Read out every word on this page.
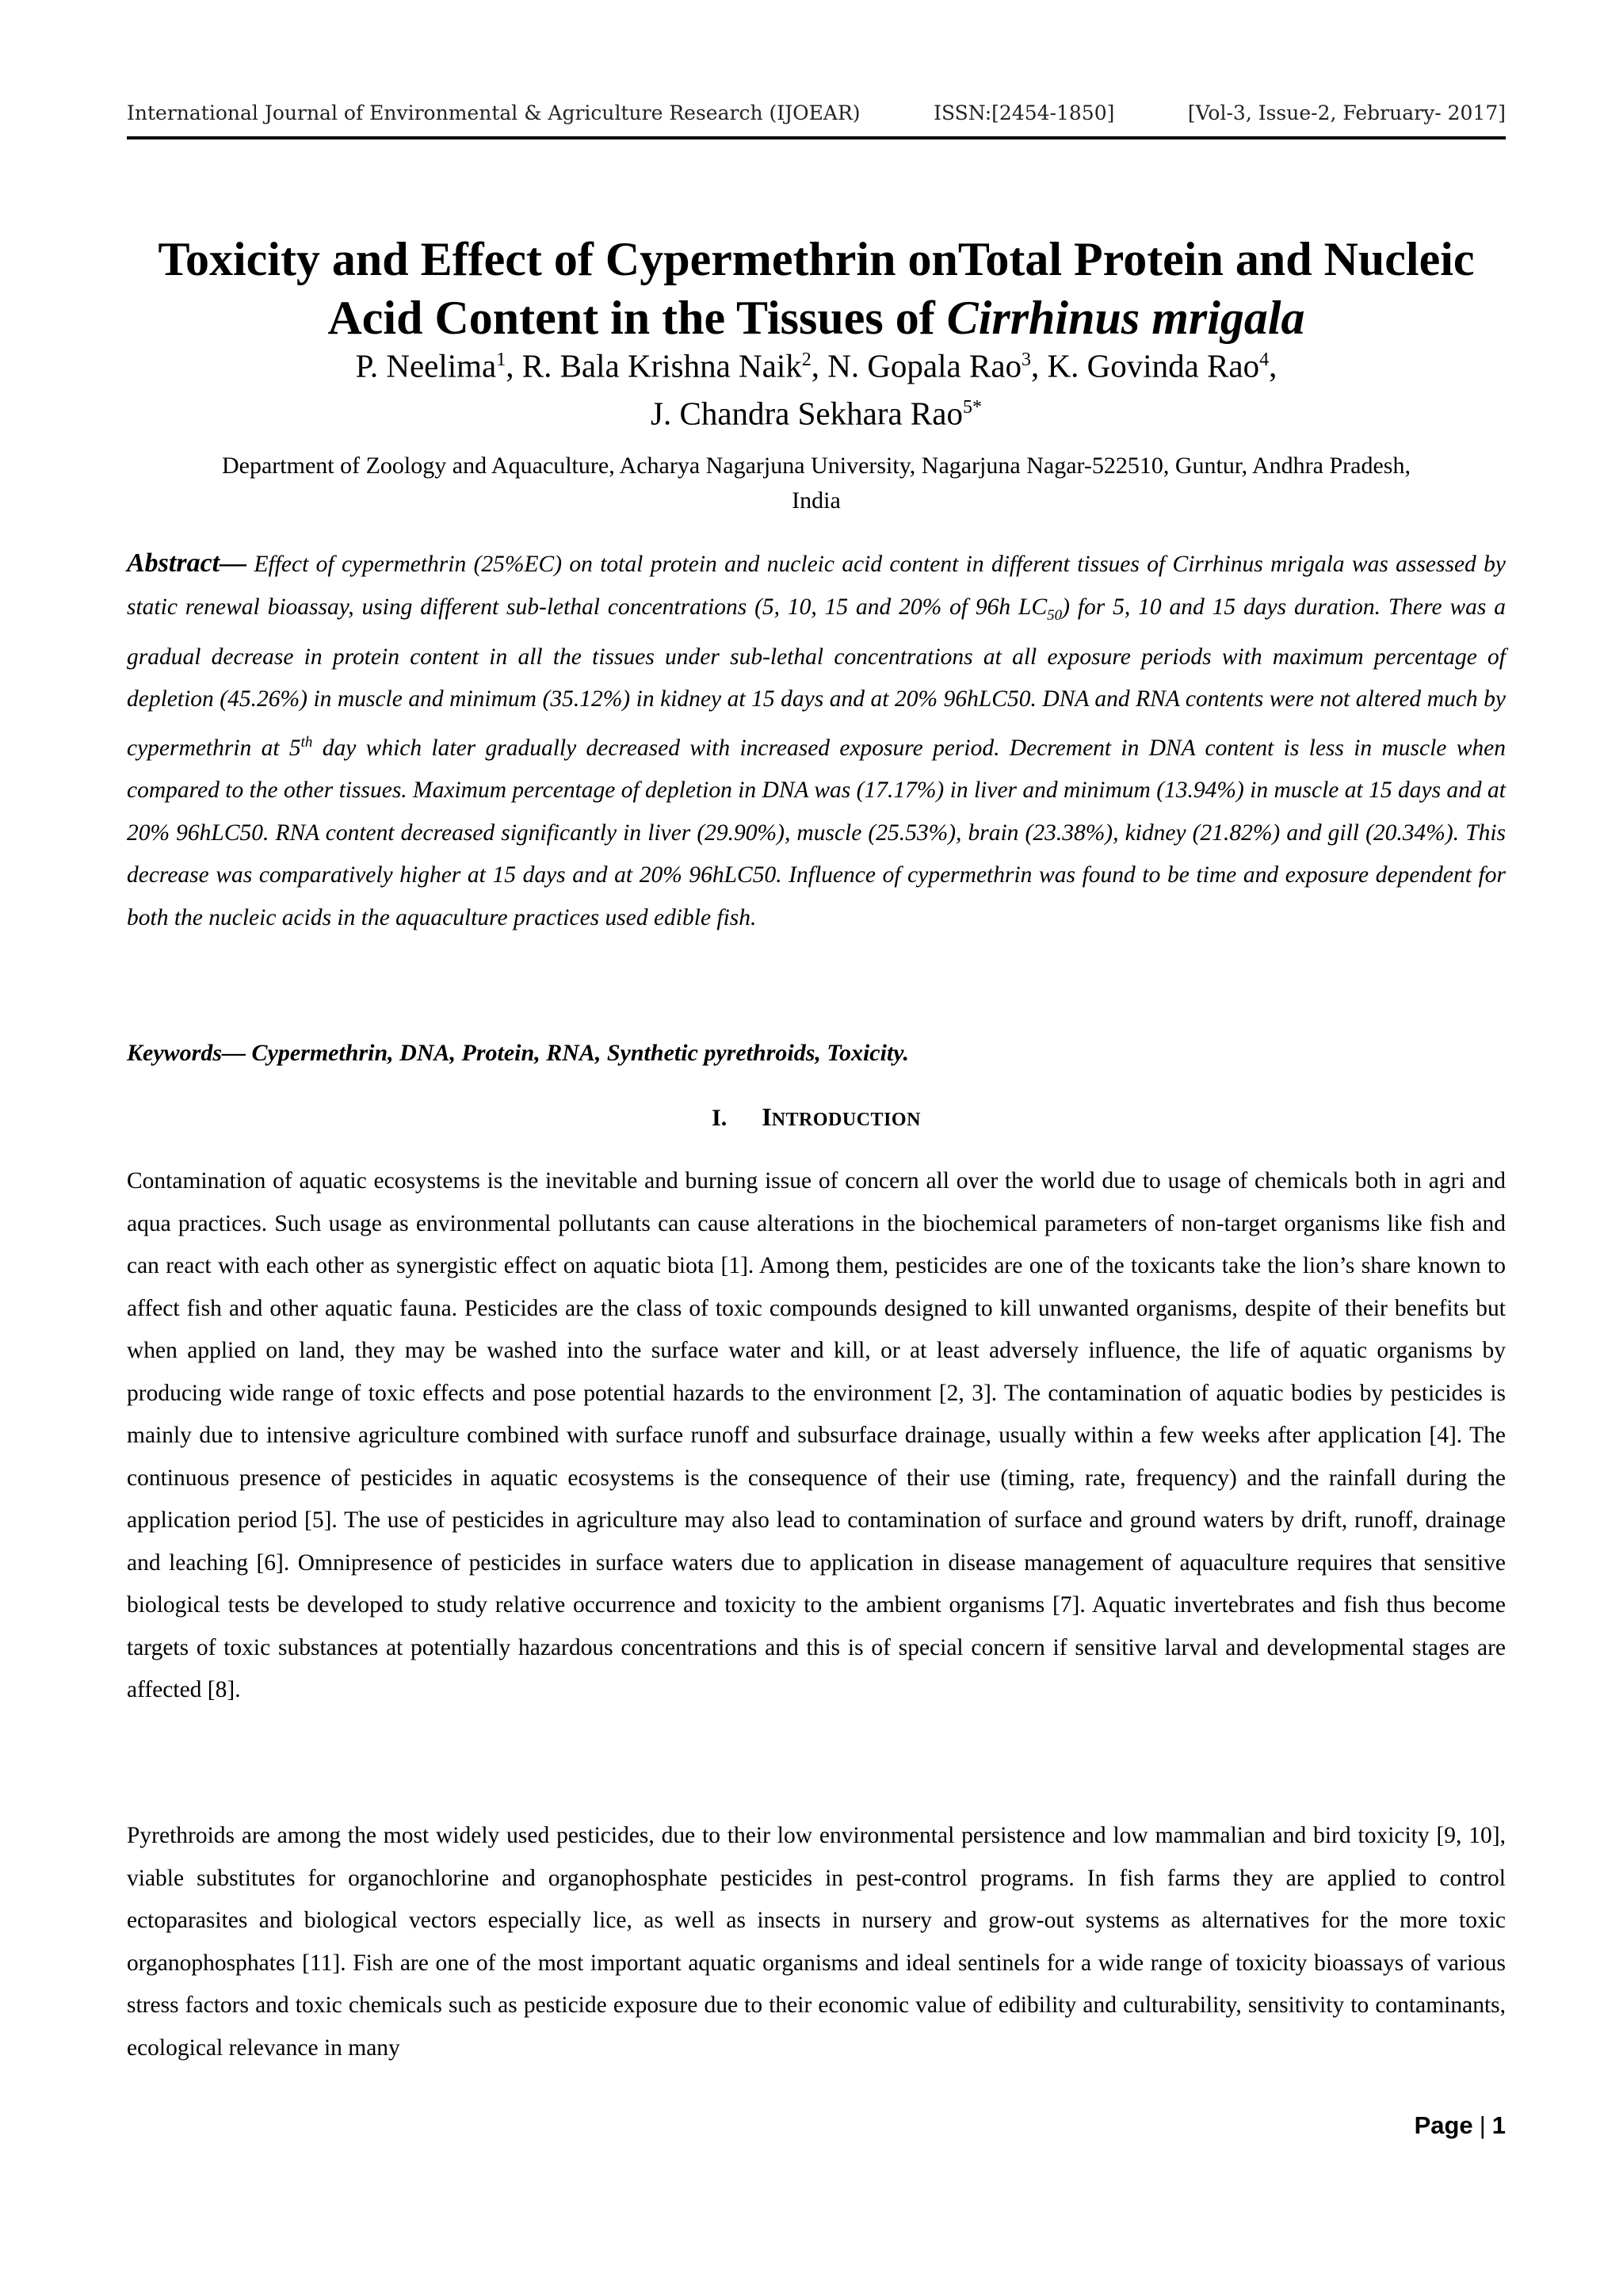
International Journal of Environmental & Agriculture Research (IJOEAR)	ISSN:[2454-1850]	[Vol-3, Issue-2, February- 2017]
Toxicity and Effect of Cypermethrin onTotal Protein and Nucleic
Acid Content in the Tissues of Cirrhinus mrigala
P. Neelima$^1$, R. Bala Krishna Naik$^2$, N. Gopala Rao$^3$, K. Govinda Rao$^4$,
J. Chandra Sekhara Rao$^{5*}$
Department of Zoology and Aquaculture, Acharya Nagarjuna University, Nagarjuna Nagar-522510, Guntur, Andhra Pradesh,
India

Abstract— Effect of cypermethrin (25%EC) on total protein and nucleic acid content in different tissues of Cirrhinus mrigala was assessed by static renewal bioassay, using different sub-lethal concentrations (5, 10, 15 and 20% of 96h $LC_{50}$) for 5, 10 and 15 days duration. There was a gradual decrease in protein content in all the tissues under sub-lethal concentrations at all exposure periods with maximum percentage of depletion (45.26%) in muscle and minimum (35.12%) in kidney at 15 days and at 20% 96hLC50. DNA and RNA contents were not altered much by cypermethrin at 5th day which later gradually decreased with increased exposure period. Decrement in DNA content is less in muscle when compared to the other tissues. Maximum percentage of depletion in DNA was (17.17%) in liver and minimum (13.94%) in muscle at 15 days and at 20% 96hLC50. RNA content decreased significantly in liver (29.90%), muscle (25.53%), brain (23.38%), kidney (21.82%) and gill (20.34%). This decrease was comparatively higher at 15 days and at 20% 96hLC50. Influence of cypermethrin was found to be time and exposure dependent for both the nucleic acids in the aquaculture practices used edible fish.

Keywords— Cypermethrin, DNA, Protein, RNA, Synthetic pyrethroids, Toxicity.

I. INTRODUCTION

Contamination of aquatic ecosystems is the inevitable and burning issue of concern all over the world due to usage of chemicals both in agri and aqua practices. Such usage as environmental pollutants can cause alterations in the biochemical parameters of non-target organisms like fish and can react with each other as synergistic effect on aquatic biota [1]. Among them, pesticides are one of the toxicants take the lion’s share known to affect fish and other aquatic fauna. Pesticides are the class of toxic compounds designed to kill unwanted organisms, despite of their benefits but when applied on land, they may be washed into the surface water and kill, or at least adversely influence, the life of aquatic organisms by producing wide range of toxic effects and pose potential hazards to the environment [2, 3]. The contamination of aquatic bodies by pesticides is mainly due to intensive agriculture combined with surface runoff and subsurface drainage, usually within a few weeks after application [4]. The continuous presence of pesticides in aquatic ecosystems is the consequence of their use (timing, rate, frequency) and the rainfall during the application period [5]. The use of pesticides in agriculture may also lead to contamination of surface and ground waters by drift, runoff, drainage and leaching [6]. Omnipresence of pesticides in surface waters due to application in disease management of aquaculture requires that sensitive biological tests be developed to study relative occurrence and toxicity to the ambient organisms [7]. Aquatic invertebrates and fish thus become targets of toxic substances at potentially hazardous concentrations and this is of special concern if sensitive larval and developmental stages are affected [8].

Pyrethroids are among the most widely used pesticides, due to their low environmental persistence and low mammalian and bird toxicity [9, 10], viable substitutes for organochlorine and organophosphate pesticides in pest-control programs. In fish farms they are applied to control ectoparasites and biological vectors especially lice, as well as insects in nursery and grow-out systems as alternatives for the more toxic organophosphates [11]. Fish are one of the most important aquatic organisms and ideal sentinels for a wide range of toxicity bioassays of various stress factors and toxic chemicals such as pesticide exposure due to their economic value of edibility and culturability, sensitivity to contaminants, ecological relevance in many

Page | 1
